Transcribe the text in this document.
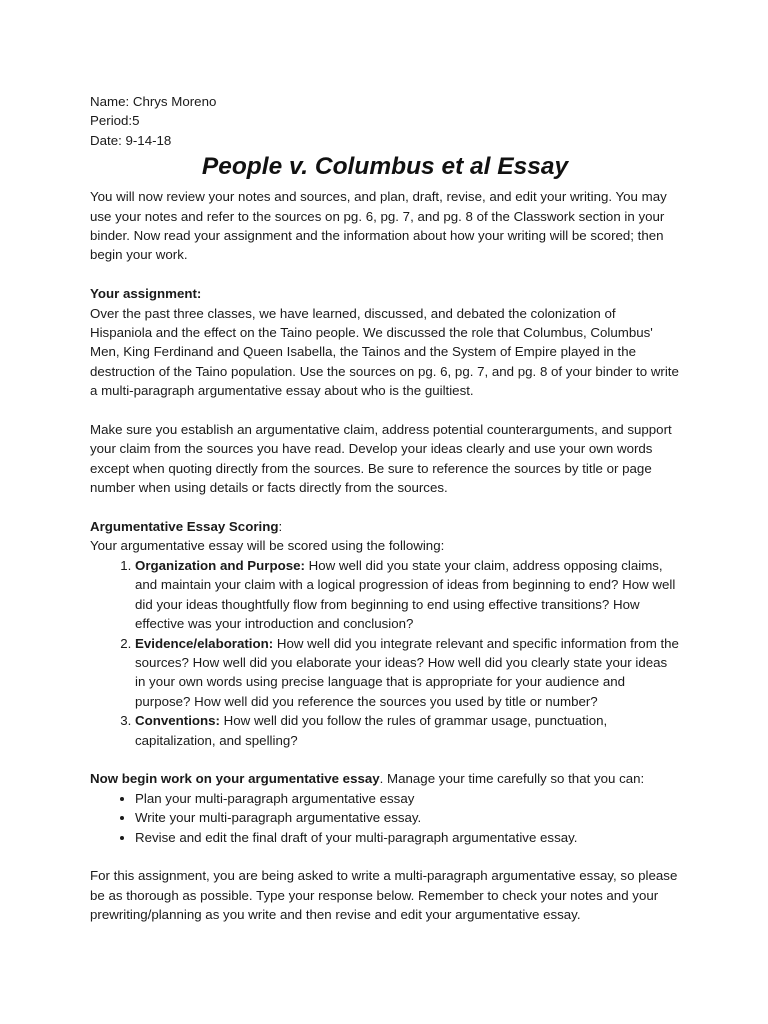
Name: Chrys Moreno

Period:5

Date: 9-14-18

People v. Columbus et al Essay

You will now review your notes and sources, and plan, draft, revise, and edit your writing. You may use your notes and refer to the sources on pg. 6, pg. 7, and pg. 8 of the Classwork section in your binder. Now read your assignment and the information about how your writing will be scored; then begin your work.

Your assignment:

Over the past three classes, we have learned, discussed, and debated the colonization of Hispaniola and the effect on the Taino people. We discussed the role that Columbus, Columbus' Men, King Ferdinand and Queen Isabella, the Tainos and the System of Empire played in the destruction of the Taino population. Use the sources on pg. 6, pg. 7, and pg. 8 of your binder to write a multi-paragraph argumentative essay about who is the guiltiest.

Make sure you establish an argumentative claim, address potential counterarguments, and support your claim from the sources you have read. Develop your ideas clearly and use your own words except when quoting directly from the sources. Be sure to reference the sources by title or page number when using details or facts directly from the sources.

Argumentative Essay Scoring:

Your argumentative essay will be scored using the following:

1. Organization and Purpose: How well did you state your claim, address opposing claims, and maintain your claim with a logical progression of ideas from beginning to end? How well did your ideas thoughtfully flow from beginning to end using effective transitions? How effective was your introduction and conclusion?
2. Evidence/elaboration: How well did you integrate relevant and specific information from the sources? How well did you elaborate your ideas? How well did you clearly state your ideas in your own words using precise language that is appropriate for your audience and purpose? How well did you reference the sources you used by title or number?
3. Conventions: How well did you follow the rules of grammar usage, punctuation, capitalization, and spelling?

Now begin work on your argumentative essay. Manage your time carefully so that you can:

• Plan your multi-paragraph argumentative essay
• Write your multi-paragraph argumentative essay.
• Revise and edit the final draft of your multi-paragraph argumentative essay.

For this assignment, you are being asked to write a multi-paragraph argumentative essay, so please be as thorough as possible. Type your response below. Remember to check your notes and your prewriting/planning as you write and then revise and edit your argumentative essay.
